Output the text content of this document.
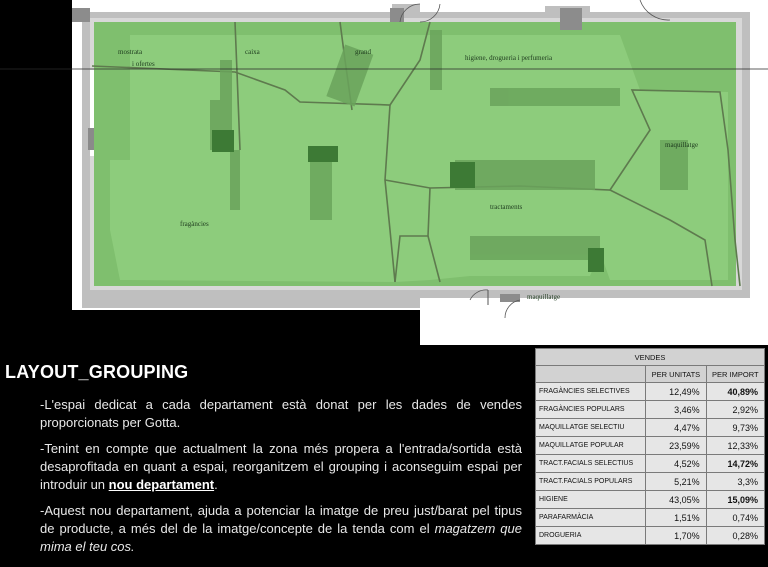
mostrata
i ofertes
caixa	grand
higiene, drogueria i perfumeria
maquillatge
fragàncies
tractaments
maquillatge
LAYOUT_GROUPING
-L'espai dedicat a cada departament està donat per les dades de vendes proporcionats per Gotta.
-Tenint en compte que actualment la zona més propera a l'entrada/sortida està desaprofitada en quant a espai, reorganitzem el grouping i aconseguim espai per introduir un nou departament.
-Aquest nou departament, ajuda a potenciar la imatge de preu just/barat pel tipus de producte, a més del de la imatge/concepte de la tenda com el magatzem que mima el teu cos.
VENDES		
	PER UNITATS	PER IMPORT
FRAGÀNCIES SELECTIVES	12,49%	40,89%
FRAGÀNCIES POPULARS	3,46%	2,92%
MAQUILLATGE SELECTIU	4,47%	9,73%
MAQUILLATGE POPULAR	23,59%	12,33%
TRACT.FACIALS SELECTIUS	4,52%	14,72%
TRACT.FACIALS POPULARS	5,21%	3,3%
HIGIENE	43,05%	15,09%
PARAFARMÀCIA	1,51%	0,74%
DROGUERIA	1,70%	0,28%
